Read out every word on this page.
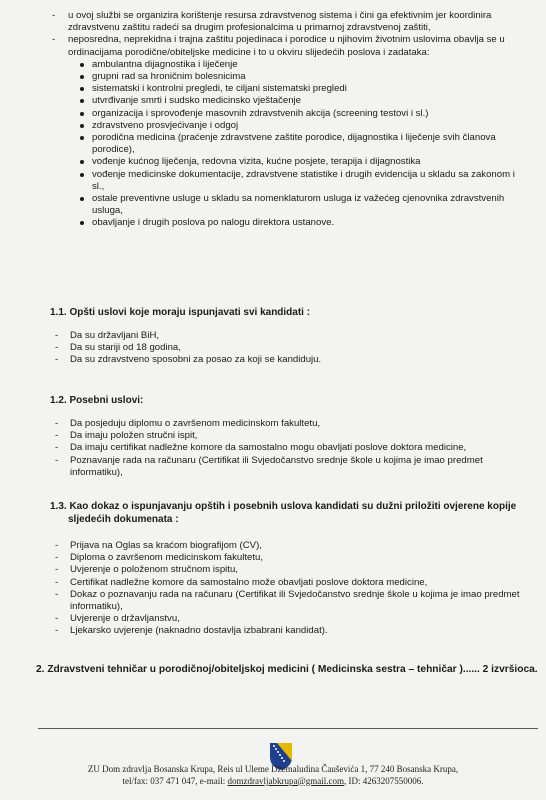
- u ovoj službi se organizira korištenje resursa zdravstvenog sistema i čini ga efektivnim jer koordinira zdravstvenu zaštitu radeći sa drugim profesionalcima u primarnoj zdravstvenoj zaštiti,
- neposredna, neprekidna i trajna zaštitu pojedinaca i porodice u njihovim životnim uslovima obavlja se u ordinacijama porodične/obiteljske medicine i to u okviru slijedećih poslova i zadataka:
ambulantna dijagnostika i liječenje
grupni rad sa hroničnim bolesnicima
sistematski i kontrolni pregledi, te ciljani sistematski pregledi
utvrđivanje smrti i sudsko medicinsko vještačenje
organizacija i sprovođenje masovnih zdravstvenih akcija (screening testovi i sl.)
zdravstveno prosvjećivanje i odgoj
porodična medicina (praćenje zdravstvene zaštite porodice, dijagnostika i liječenje svih članova porodice),
vođenje kućnog liječenja, redovna vizita, kućne posjete, terapija i dijagnostika
vođenje medicinske dokumentacije, zdravstvene statistike i drugih evidencija u skladu sa zakonom i sl.,
ostale preventivne usluge u skladu sa nomenklaturom usluga iz važećeg cjenovnika zdravstvenih usluga,
obavljanje i drugih poslova po nalogu direktora ustanove.
1.1. Opšti uslovi koje moraju ispunjavati svi kandidati :
- Da su državljani BiH,
- Da su stariji od 18 godina,
- Da su zdravstveno sposobni za posao za koji se kandiduju.
1.2. Posebni uslovi:
- Da posjeduju diplomu o završenom medicinskom fakultetu,
- Da imaju položen stručni ispit,
- Da imaju certifikat nadležne komore da samostalno mogu obavljati poslove doktora medicine,
- Poznavanje rada na računaru (Certifikat ili Svjedočanstvo srednje škole u kojima je imao predmet informatiku),
1.3. Kao dokaz o ispunjavanju opštih i posebnih uslova kandidati su dužni priložiti ovjerene kopije
sljedećih dokumenata :
- Prijava na Oglas sa kraćom biografijom (CV),
- Diploma o završenom medicinskom fakultetu,
- Uvjerenje o položenom stručnom ispitu,
- Certifikat nadležne komore da samostalno može obavljati poslove doktora medicine,
- Dokaz o poznavanju rada na računaru (Certifikat ili Svjedočanstvo srednje škole u kojima je imao predmet informatiku),
- Uvjerenje o državljanstvu,
- Ljekarsko uvjerenje (naknadno dostavlja izbabrani kandidat).
2. Zdravstveni tehničar u porodičnoj/obiteljskoj medicini ( Medicinska sestra – tehničar )...... 2 izvršioca.
ZU Dom zdravlja Bosanska Krupa, Reis ul Uleme Džemaludina Čauševića 1, 77 240 Bosanska Krupa,
tel/fax: 037 471 047, e-mail: domzdravljabkrupa@gmail.com, ID: 4263207550006.
